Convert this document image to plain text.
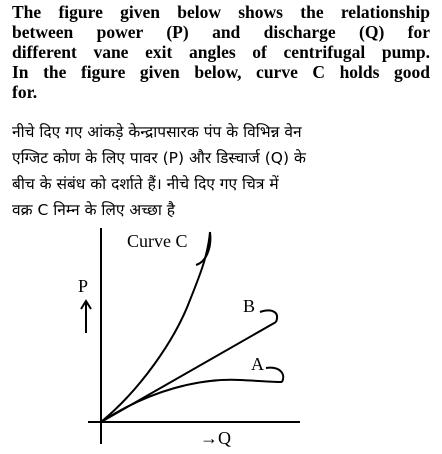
The figure given below shows the relationship
between power (P) and discharge (Q) for
different vane exit angles of centrifugal pump.
In the figure given below, curve C holds good
for.
नीचे दिए गए आंकड़े केन्द्रापसारक पंप के विभिन्न वेन
एग्जिट कोण के लिए पावर (P) और डिस्चार्ज (Q) के
बीच के संबंध को दर्शाते हैं। नीचे दिए गए चित्र में
वक्र C निम्न के लिए अच्छा है
P
→Q
Curve C
B
A
